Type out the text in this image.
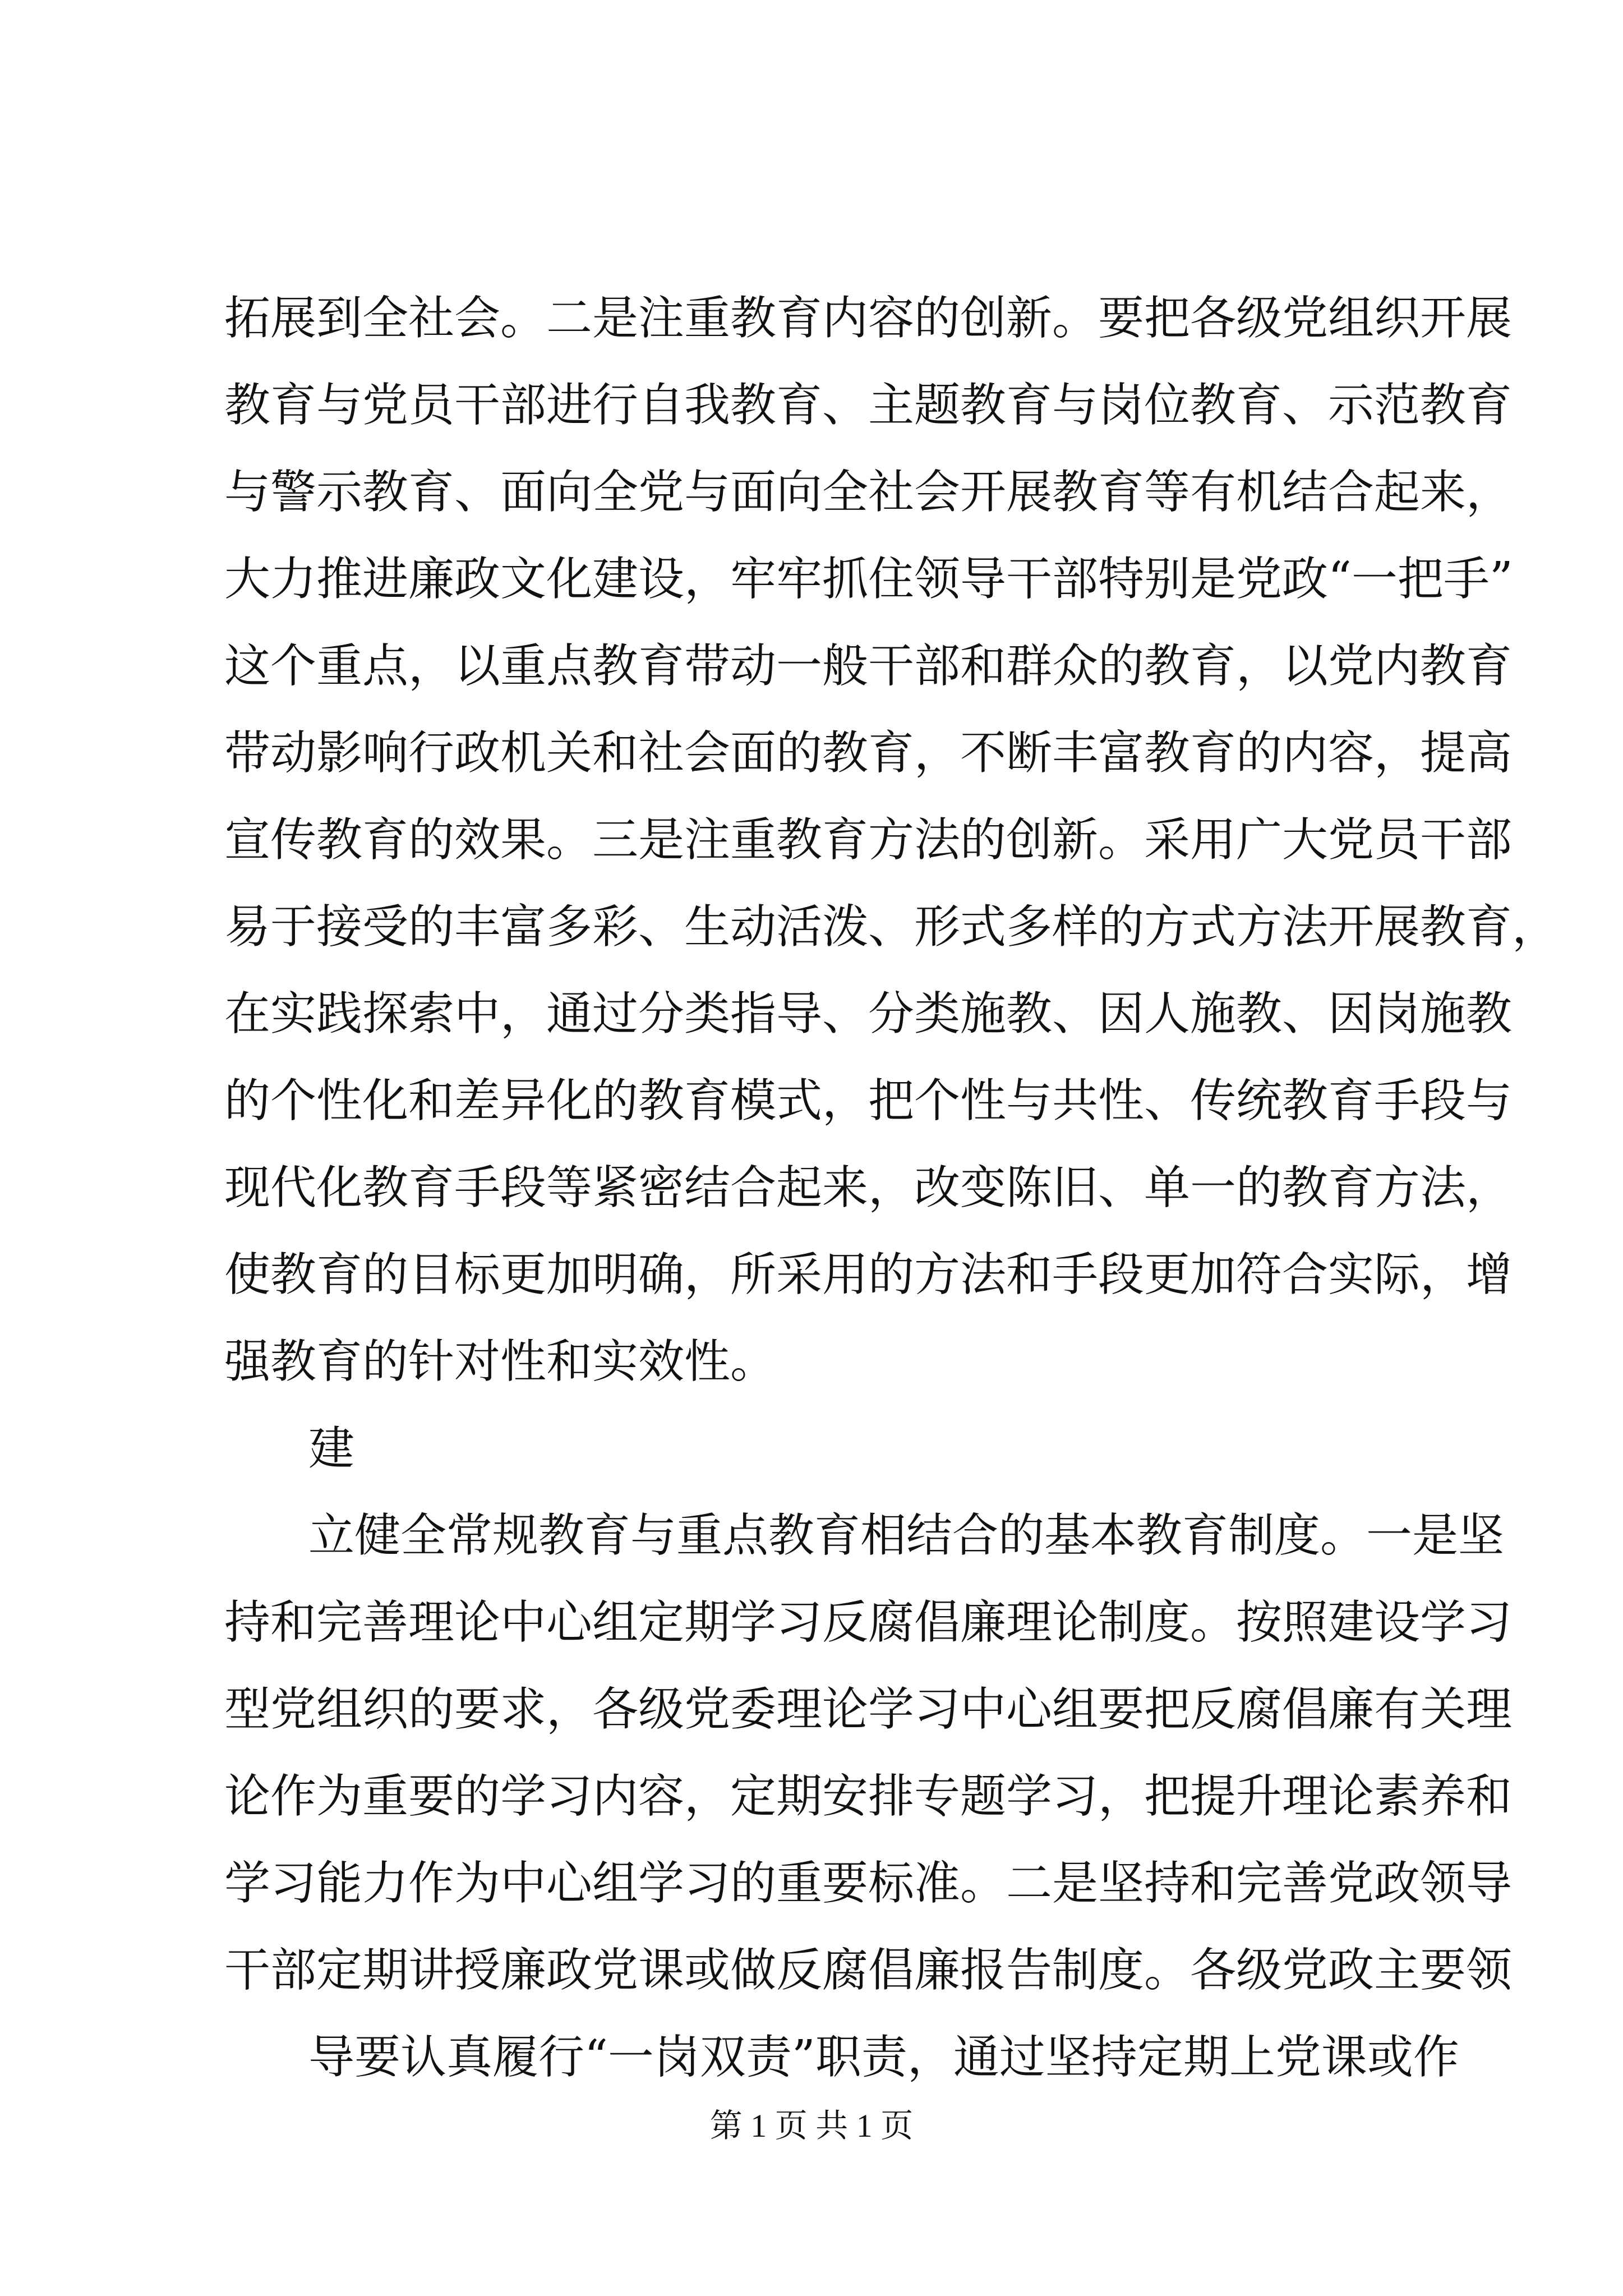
拓展到全社会。二是注重教育内容的创新。要把各级党组织开展
教育与党员干部进行自我教育、主题教育与岗位教育、示范教育
与警示教育、面向全党与面向全社会开展教育等有机结合起来，
大力推进廉政文化建设，牢牢抓住领导干部特别是党政“一把手”
这个重点，以重点教育带动一般干部和群众的教育，以党内教育
带动影响行政机关和社会面的教育，不断丰富教育的内容，提高
宣传教育的效果。三是注重教育方法的创新。采用广大党员干部
易于接受的丰富多彩、生动活泼、形式多样的方式方法开展教育，
在实践探索中，通过分类指导、分类施教、因人施教、因岗施教
的个性化和差异化的教育模式，把个性与共性、传统教育手段与
现代化教育手段等紧密结合起来，改变陈旧、单一的教育方法，
使教育的目标更加明确，所采用的方法和手段更加符合实际，增
强教育的针对性和实效性。
建
立健全常规教育与重点教育相结合的基本教育制度。一是坚
持和完善理论中心组定期学习反腐倡廉理论制度。按照建设学习
型党组织的要求，各级党委理论学习中心组要把反腐倡廉有关理
论作为重要的学习内容，定期安排专题学习，把提升理论素养和
学习能力作为中心组学习的重要标准。二是坚持和完善党政领导
干部定期讲授廉政党课或做反腐倡廉报告制度。各级党政主要领
导要认真履行“一岗双责”职责，通过坚持定期上党课或作
第 1 页 共 1 页
